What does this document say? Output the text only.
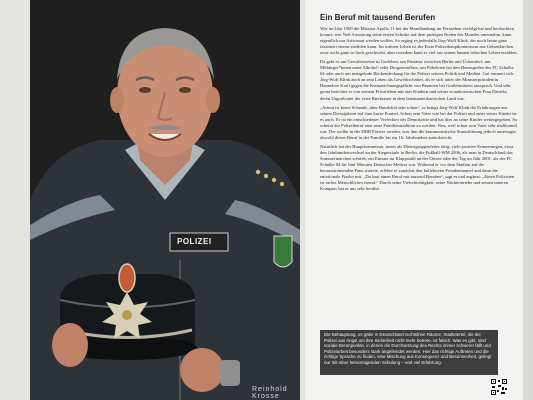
POLIZEI
Reinhold Krosse
Ein Beruf mit tausend Berufen

Wer im Jahr 1969 die Mission Apollo 11 bei der Mondlandung im Fernsehen verfolgt hat und beobachten konnte, wie Neil Armstrong seine ersten Schritte auf dem pudrigen Boden des Mondes unternahm, kann eigentlich nur Astronaut werden wollen. So erging es jedenfalls Jörg-Wolf Klink, der noch heute ganz fasziniert davon erzählen kann. Im wahren Leben ist der Erste Polizeihauptkommissar aus Gelsenkirchen zwar nicht ganz so hoch geschwebt, aber trotzdem kann er viel aus seinen bunten irdischen Leben erzählen.

Da geht es um Gewaltexzesse in Gorleben, um Einsätze zwischen Berlin und Ückendorf, um Mitbürger*innen unter Alkohol- oder Drogeneinfluss, um Pöbeleien bei den Heimspielen des FC Schalke 04 oder auch um mangelnde Rückendeckung für die Polizei seitens Politik und Medien. Gut erinnert sich Jörg-Wolf Klink auch an sein Leben als Gewerkschafter, als er sich unter der Ministerpräsidentin Hannelore Kraft gegen die Kennzeichnungspflicht von Beamten bei Großeinsätzen aussprach. Und sehr gerne berichtet er von seinem Privatleben mit vier Kindern und seiner ecuadorianischen Frau Daniela, deren Urgroßvater der erste Bierbrauer in dem lateinamerikanischen Land war.

„Armut ist keine Schande, aber Hundsfott sein schon“, so bringt Jörg-Wolf Klink die Erfahrungen aus seinen Dienstjahren auf eine kurze Formel. Schon sein Vater war bei der Polizei und einer seiner Kinder ist es auch. Er ist ein entschiedener Verfechter der Demokratie und hat dies an seine Kinder weitergegeben. So scheint der Polizeiberuf eine neue Familientradition zu werden. Neu, weil schon sein Vater sehr traditionell war. Der wollte in der DDR Förster werden, was ihm die kommunistische Staatsführung jedoch untersagte, obwohl dieser Beruf in der Familie bis ins 16. Jahrhundert zurückreicht.

Natürlich hat der Hauptkommissar, neuer als Dienstgruppenleiter tätig, viele positive Erinnerungen, etwa den Jahrhundertwechsel an der Siegessäule in Berlin, die Fußball-WM 2006, als man in Deutschland das Sommermärchen schrieb, ein Einsatz im Klappstuhl an der Ostsee oder der Tag im Jahr 2001, als der FC Schalke 04 für fünf Minuten Deutscher Meister war. Während er vor dem Stadion auf die herausströmenden Fans wartete, erlebte er zunächst den kollektiven Freudentaumel und dann die emotionale Fiasko mit. „Du hast einen Beruf mit tausend Berufen“, sagt er und ergänzt: „Einen Polizisten ist nichts Menschliches fremd.“ Durch seine Vielschichtigkeit, seine Nächtentriebe und seinen inneren Kompass hat er uns sehr berührt.

Die Behauptung, es gäbe in Deutschland rechtsfreie Räume, Stadtviertel, die die Polizei aus Angst um ihre Sicherheit nicht mehr betrete, ist falsch. Was es gibt, sind soziale Brennpunkte, in denen die Durchsetzung des Rechts immer schwerer fällt und Polizeiarbeit besonders stark angefeindet werden. Hier das richtige Auftreten und die richtige Sprache zu finden, eine Mischung aus Konsequenz und Besonnenheit, gelingt nur mit einer hervorragenden Schulung – und viel Erfahrung.
